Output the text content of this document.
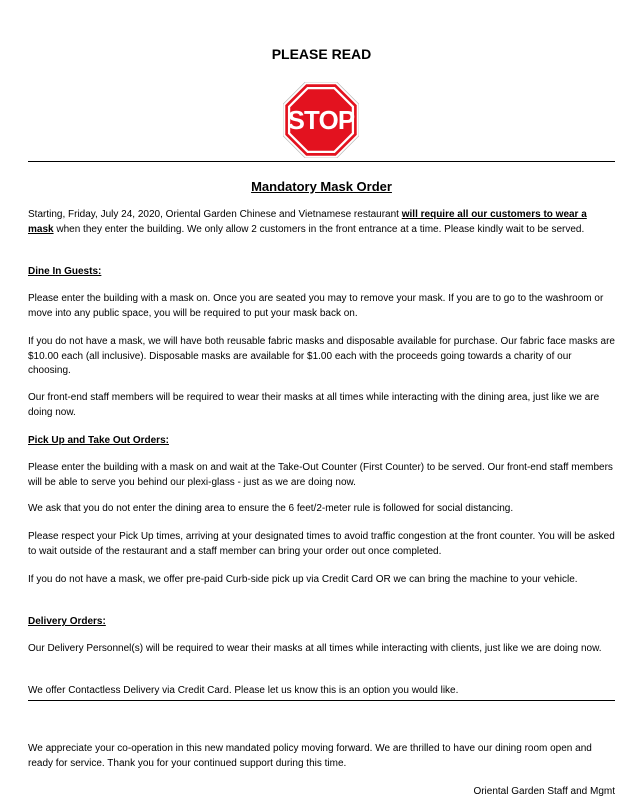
PLEASE READ
STOP
Mandatory Mask Order

Starting, Friday, July 24, 2020, Oriental Garden Chinese and Vietnamese restaurant will require all our customers to wear a mask when they enter the building. We only allow 2 customers in the front entrance at a time. Please kindly wait to be served.

Dine In Guests:

Please enter the building with a mask on. Once you are seated you may to remove your mask. If you are to go to the washroom or move into any public space, you will be required to put your mask back on.

If you do not have a mask, we will have both reusable fabric masks and disposable available for purchase. Our fabric face masks are $10.00 each (all inclusive). Disposable masks are available for $1.00 each with the proceeds going towards a charity of our choosing.

Our front-end staff members will be required to wear their masks at all times while interacting with the dining area, just like we are doing now.

Pick Up and Take Out Orders:

Please enter the building with a mask on and wait at the Take-Out Counter (First Counter) to be served. Our front-end staff members will be able to serve you behind our plexi-glass - just as we are doing now.

We ask that you do not enter the dining area to ensure the 6 feet/2-meter rule is followed for social distancing.

Please respect your Pick Up times, arriving at your designated times to avoid traffic congestion at the front counter. You will be asked to wait outside of the restaurant and a staff member can bring your order out once completed.

If you do not have a mask, we offer pre-paid Curb-side pick up via Credit Card OR we can bring the machine to your vehicle.

Delivery Orders:

Our Delivery Personnel(s) will be required to wear their masks at all times while interacting with clients, just like we are doing now.

We offer Contactless Delivery via Credit Card. Please let us know this is an option you would like.

We appreciate your co-operation in this new mandated policy moving forward. We are thrilled to have our dining room open and ready for service. Thank you for your continued support during this time.

Oriental Garden Staff and Mgmt
